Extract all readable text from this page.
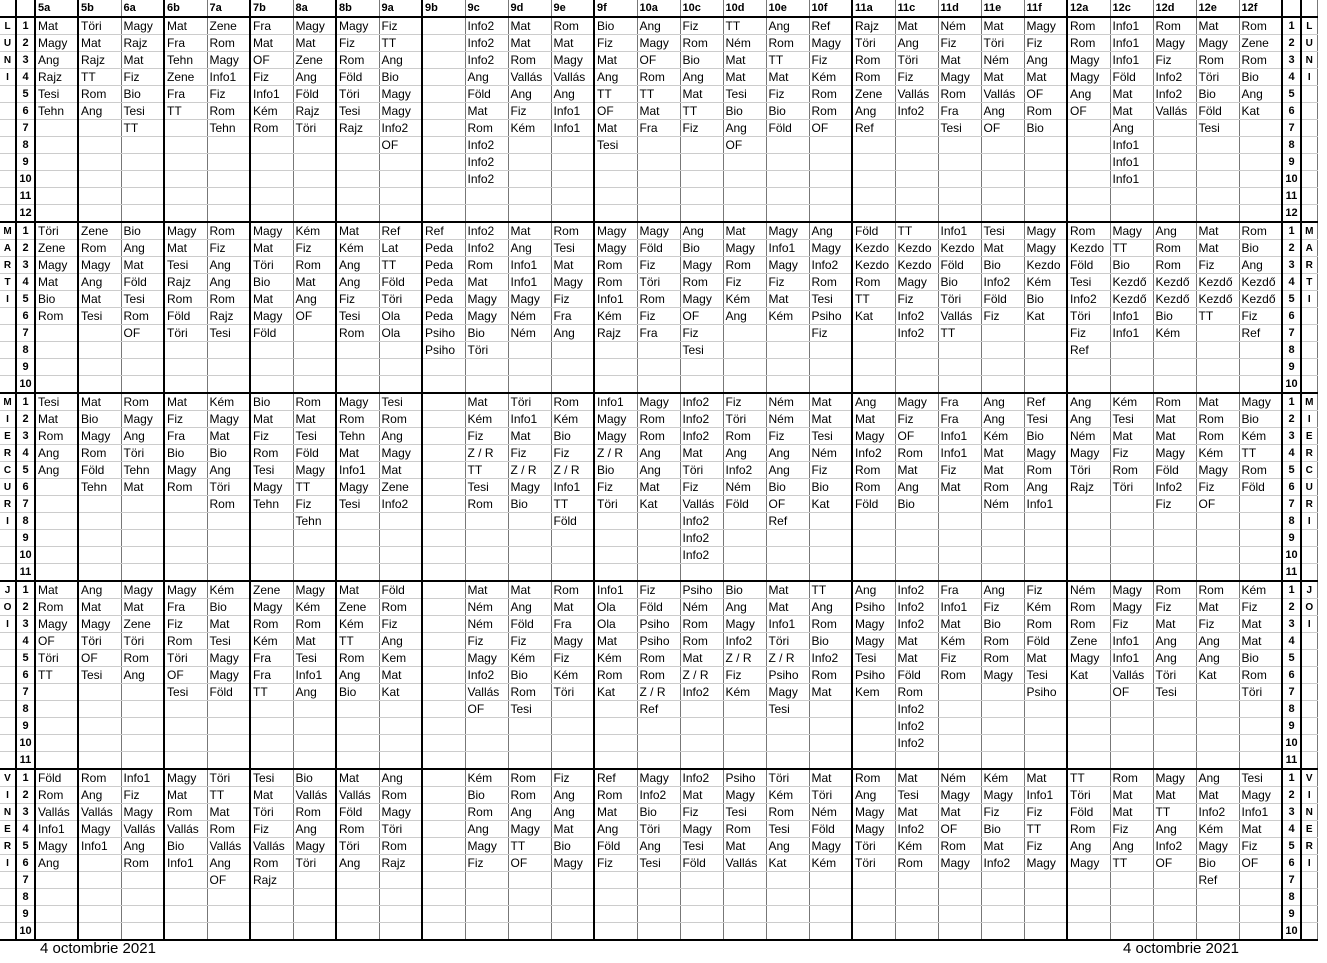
		5a	5b	6a	6b	7a	7b	8a	8b	9a	9b	9c	9d	9e	9f	10a	10c	10d	10e	10f	11a	11c	11d	11e	11f	12a	12c	12d	12e	12f		
L	1	Mat	Töri	Magy	Mat	Zene	Fra	Magy	Magy	Fiz		Info2	Mat	Rom	Bio	Ang	Fiz	TT	Ang	Ref	Rajz	Mat	Ném	Mat	Magy	Rom	Info1	Rom	Mat	Rom	1	L
U	2	Magy	Mat	Rajz	Fra	Rom	Mat	Mat	Fiz	TT		Info2	Mat	Mat	Fiz	Magy	Rom	Ném	Rom	Magy	Töri	Ang	Fiz	Töri	Fiz	Rom	Info1	Magy	Magy	Zene	2	U
N	3	Ang	Rajz	Mat	Tehn	Magy	OF	Zene	Rom	Ang		Info2	Rom	Magy	Mat	OF	Bio	Mat	TT	Fiz	Rom	Töri	Mat	Ném	Ang	Magy	Info1	Fiz	Rom	Rom	3	N
I	4	Rajz	TT	Fiz	Zene	Info1	Fiz	Ang	Föld	Bio		Ang	Vallás	Vallás	Ang	Rom	Ang	Mat	Mat	Kém	Rom	Fiz	Magy	Mat	Mat	Magy	Föld	Info2	Töri	Bio	4	I
	5	Tesi	Rom	Bio	Fra	Fiz	Info1	Föld	Töri	Magy		Föld	Ang	Ang	TT	TT	Mat	Tesi	Fiz	Rom	Zene	Vallás	Rom	Vallás	OF	Ang	Mat	Info2	Bio	Ang	5	
	6	Tehn	Ang	Tesi	TT	Rom	Kém	Rajz	Tesi	Magy		Mat	Fiz	Info1	OF	Mat	TT	Bio	Bio	Rom	Ang	Info2	Fra	Ang	Rom	OF	Mat	Vallás	Föld	Kat	6	
	7			TT		Tehn	Rom	Töri	Rajz	Info2		Rom	Kém	Info1	Mat	Fra	Fiz	Ang	Föld	OF	Ref		Tesi	OF	Bio		Ang		Tesi		7	
	8									OF		Info2			Tesi			OF									Info1				8	
	9											Info2															Info1				9	
	10											Info2															Info1				10	
	11																														11	
	12																														12	
M	1	Töri	Zene	Bio	Magy	Rom	Magy	Kém	Mat	Ref	Ref	Info2	Mat	Rom	Magy	Magy	Ang	Mat	Magy	Ang	Föld	TT	Info1	Tesi	Magy	Rom	Magy	Ang	Mat	Rom	1	M
A	2	Zene	Rom	Ang	Mat	Fiz	Mat	Fiz	Kém	Lat	Peda	Info2	Ang	Tesi	Magy	Föld	Bio	Magy	Info1	Magy	Kezdo	Kezdo	Kezdo	Mat	Magy	Kezdo	TT	Rom	Mat	Bio	2	A
R	3	Magy	Magy	Mat	Tesi	Ang	Töri	Rom	Ang	TT	Peda	Rom	Info1	Mat	Rom	Fiz	Magy	Rom	Magy	Info2	Kezdo	Kezdo	Föld	Bio	Kezdo	Föld	Bio	Rom	Fiz	Ang	3	R
T	4	Mat	Ang	Föld	Rajz	Ang	Bio	Mat	Ang	Föld	Peda	Mat	Info1	Magy	Rom	Töri	Rom	Fiz	Fiz	Rom	Rom	Magy	Bio	Info2	Kém	Tesi	Kezdő	Kezdő	Kezdő	Kezdő	4	T
I	5	Bio	Mat	Tesi	Rom	Rom	Mat	Ang	Fiz	Töri	Peda	Magy	Magy	Fiz	Info1	Rom	Magy	Kém	Mat	Tesi	TT	Fiz	Töri	Föld	Bio	Info2	Kezdő	Kezdő	Kezdő	Kezdő	5	I
	6	Rom	Tesi	Rom	Föld	Rajz	Magy	OF	Tesi	Ola	Peda	Magy	Ném	Fra	Kém	Fiz	OF	Ang	Kém	Psiho	Kat	Info2	Vallás	Fiz	Kat	Töri	Info1	Bio	TT	Fiz	6	
	7			OF	Töri	Tesi	Föld		Rom	Ola	Psiho	Bio	Ném	Ang	Rajz	Fra	Fiz			Fiz		Info2	TT			Fiz	Info1	Kém		Ref	7	
	8										Psiho	Töri					Tesi									Ref					8	
	9																														9	
	10																														10	
M	1	Tesi	Mat	Rom	Mat	Kém	Bio	Rom	Magy	Tesi		Mat	Töri	Rom	Info1	Magy	Info2	Fiz	Ném	Mat	Ang	Magy	Fra	Ang	Ref	Ang	Kém	Rom	Mat	Magy	1	M
I	2	Mat	Bio	Magy	Fiz	Magy	Mat	Mat	Rom	Rom		Kém	Info1	Kém	Magy	Rom	Info2	Töri	Ném	Mat	Mat	Fiz	Fra	Ang	Tesi	Ang	Tesi	Mat	Rom	Bio	2	I
E	3	Rom	Magy	Ang	Fra	Mat	Fiz	Tesi	Tehn	Ang		Fiz	Mat	Bio	Magy	Rom	Info2	Rom	Fiz	Tesi	Magy	OF	Info1	Kém	Bio	Ném	Mat	Mat	Rom	Kém	3	E
R	4	Ang	Rom	Töri	Bio	Bio	Rom	Föld	Mat	Magy		Z / R	Fiz	Fiz	Z / R	Ang	Mat	Ang	Ang	Ném	Info2	Rom	Info1	Mat	Magy	Magy	Fiz	Magy	Kém	TT	4	R
C	5	Ang	Föld	Tehn	Magy	Ang	Tesi	Magy	Info1	Mat		TT	Z / R	Z / R	Bio	Ang	Töri	Info2	Ang	Fiz	Rom	Mat	Fiz	Mat	Rom	Töri	Rom	Föld	Magy	Rom	5	C
U	6		Tehn	Mat	Rom	Töri	Magy	TT	Magy	Zene		Tesi	Magy	Info1	Fiz	Mat	Fiz	Ném	Bio	Bio	Rom	Ang	Mat	Rom	Ang	Rajz	Töri	Info2	Fiz	Föld	6	U
R	7					Rom	Tehn	Fiz	Tesi	Info2		Rom	Bio	TT	Töri	Kat	Vallás	Föld	OF	Kat	Föld	Bio		Ném	Info1			Fiz	OF		7	R
I	8							Tehn						Föld			Info2		Ref												8	I
	9																Info2														9	
	10																Info2														10	
	11																														11	
J	1	Mat	Ang	Magy	Magy	Kém	Zene	Magy	Mat	Föld		Mat	Mat	Rom	Info1	Fiz	Psiho	Bio	Mat	TT	Ang	Info2	Fra	Ang	Fiz	Ném	Magy	Rom	Rom	Kém	1	J
O	2	Rom	Mat	Mat	Fra	Bio	Magy	Kém	Zene	Rom		Ném	Ang	Mat	Ola	Föld	Ném	Ang	Mat	Ang	Psiho	Info2	Info1	Fiz	Kém	Rom	Magy	Fiz	Mat	Fiz	2	O
I	3	Magy	Magy	Zene	Fiz	Mat	Rom	Rom	Kém	Fiz		Ném	Föld	Fra	Ola	Psiho	Rom	Magy	Info1	Rom	Magy	Info2	Mat	Bio	Rom	Rom	Fiz	Mat	Fiz	Mat	3	I
	4	OF	Töri	Töri	Rom	Tesi	Kém	Mat	TT	Ang		Fiz	Fiz	Magy	Mat	Psiho	Rom	Info2	Töri	Bio	Magy	Mat	Kém	Rom	Föld	Zene	Info1	Ang	Ang	Mat	4	
	5	Töri	OF	Rom	Töri	Magy	Fra	Tesi	Rom	Kem		Magy	Kém	Fiz	Kém	Rom	Mat	Z / R	Z / R	Info2	Tesi	Mat	Fiz	Rom	Mat	Magy	Info1	Ang	Ang	Bio	5	
	6	TT	Tesi	Ang	OF	Magy	Fra	Info1	Ang	Mat		Info2	Bio	Kém	Rom	Rom	Z / R	Fiz	Psiho	Rom	Psiho	Föld	Rom	Magy	Tesi	Kat	Vallás	Töri	Kat	Rom	6	
	7				Tesi	Föld	TT	Ang	Bio	Kat		Vallás	Rom	Töri	Kat	Z / R	Info2	Kém	Magy	Mat	Kem	Rom			Psiho		OF	Tesi		Töri	7	
	8											OF	Tesi			Ref			Tesi			Info2									8	
	9																					Info2									9	
	10																					Info2									10	
	11																														11	
V	1	Föld	Rom	Info1	Magy	Töri	Tesi	Bio	Mat	Ang		Kém	Rom	Fiz	Ref	Magy	Info2	Psiho	Töri	Mat	Rom	Mat	Ném	Kém	Mat	TT	Rom	Magy	Ang	Tesi	1	V
I	2	Rom	Ang	Fiz	Mat	TT	Mat	Vallás	Vallás	Rom		Bio	Rom	Ang	Rom	Info2	Mat	Magy	Kém	Töri	Ang	Tesi	Magy	Magy	Info1	Töri	Mat	Mat	Mat	Magy	2	I
N	3	Vallás	Vallás	Magy	Rom	Mat	Töri	Rom	Föld	Magy		Rom	Ang	Ang	Mat	Bio	Fiz	Tesi	Rom	Ném	Magy	Mat	Mat	Fiz	Fiz	Föld	Mat	TT	Info2	Info1	3	N
E	4	Info1	Magy	Vallás	Vallás	Rom	Fiz	Ang	Rom	Töri		Ang	Magy	Mat	Ang	Töri	Magy	Rom	Tesi	Föld	Magy	Info2	OF	Bio	TT	Rom	Fiz	Ang	Kém	Mat	4	E
R	5	Magy	Info1	Ang	Bio	Vallás	Vallás	Magy	Töri	Rom		Magy	TT	Bio	Föld	Ang	Tesi	Mat	Ang	Magy	Töri	Kém	Rom	Mat	Fiz	Ang	Ang	Info2	Magy	Fiz	5	R
I	6	Ang		Rom	Info1	Ang	Rom	Töri	Ang	Rajz		Fiz	OF	Magy	Fiz	Tesi	Föld	Vallás	Kat	Kém	Töri	Rom	Magy	Info2	Magy	Magy	TT	OF	Bio	OF	6	I
	7					OF	Rajz																						Ref		7	
	8																														8	
	9																														9	
	10																														10	
4 octombrie 2021	4 octombrie 2021
